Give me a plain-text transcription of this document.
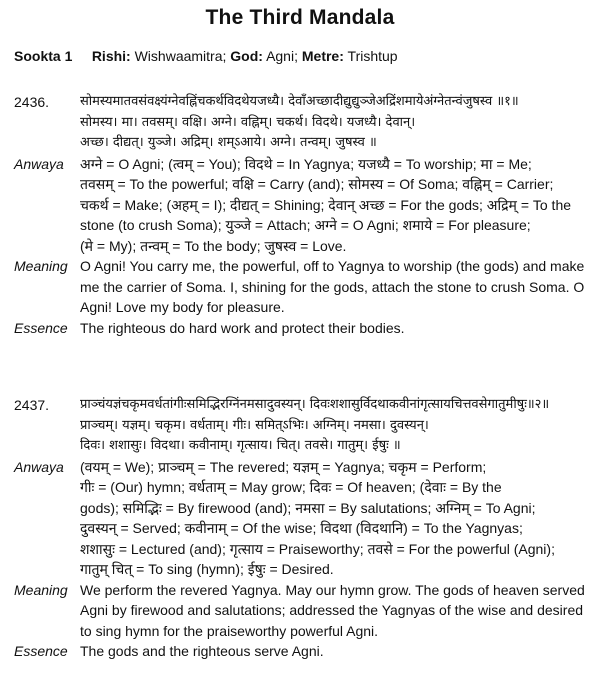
The Third Mandala
Sookta 1 Rishi: Wishwaamitra; God: Agni; Metre: Trishtup
2436.	सोमस्यमातवसंवक्ष्यंग्नेवह्निंचकर्थविदथेयजध्यै। देवाँअच्छादीद्युद्युञ्जेअद्रिंशमायेअंग्नेतन्वंजुषस्व ॥१॥
सोमस्य। मा। तवसम्। वक्षि। अग्ने। वह्निम्। चकर्थ। विदथे। यजध्यै। देवान्।
अच्छ। दीद्यत्। युञ्जे। अद्रिम्। शम्ऽआये। अग्ने। तन्वम्। जुषस्व ॥
Anwaya	अग्ने = O Agni; (त्वम् = You); विदथे = In Yagnya; यजध्यै = To worship; मा = Me;
तवसम् = To the powerful; वक्षि = Carry (and); सोमस्य = Of Soma; वह्निम् = Carrier;
चकर्थ = Make; (अहम् = I); दीद्यत् = Shining; देवान् अच्छ = For the gods; अद्रिम् = To the
stone (to crush Soma); युञ्जे = Attach; अग्ने = O Agni; शमाये = For pleasure;
(मे = My); तन्वम् = To the body; जुषस्व = Love.
Meaning O Agni! You carry me, the powerful, off to Yagnya to worship (the gods) and make
me the carrier of Soma. I, shining for the gods, attach the stone to crush Soma. O
Agni! Love my body for pleasure.
Essence The righteous do hard work and protect their bodies.
2437.	प्राञ्चंयज्ञंचकृमवर्धतांगीःसमिद्भिरग्निंनमसादुवस्यन्। दिवःशशासुर्विदथाकवीनांगृत्सायचित्तवसेगातुमीषुः॥२॥
प्राञ्चम्। यज्ञम्। चकृम। वर्धताम्। गीः। समित्ऽभिः। अग्निम्। नमसा। दुवस्यन्।
दिवः। शशासुः। विदथा। कवीनाम्। गृत्साय। चित्। तवसे। गातुम्। ईषुः ॥
Anwaya	(वयम् = We); प्राञ्चम् = The revered; यज्ञम् = Yagnya; चकृम = Perform;
गीः = (Our) hymn; वर्धताम् = May grow; दिवः = Of heaven; (देवाः = By the
gods); समिद्भिः = By firewood (and); नमसा = By salutations; अग्निम् = To Agni;
दुवस्यन् = Served; कवीनाम् = Of the wise; विदथा (विदथानि) = To the Yagnyas;
शशासुः = Lectured (and); गृत्साय = Praiseworthy; तवसे = For the powerful (Agni);
गातुम् चित् = To sing (hymn); ईषुः = Desired.
Meaning We perform the revered Yagnya. May our hymn grow. The gods of heaven served
Agni by firewood and salutations; addressed the Yagnyas of the wise and desired
to sing hymn for the praiseworthy powerful Agni.
Essence The gods and the righteous serve Agni.
